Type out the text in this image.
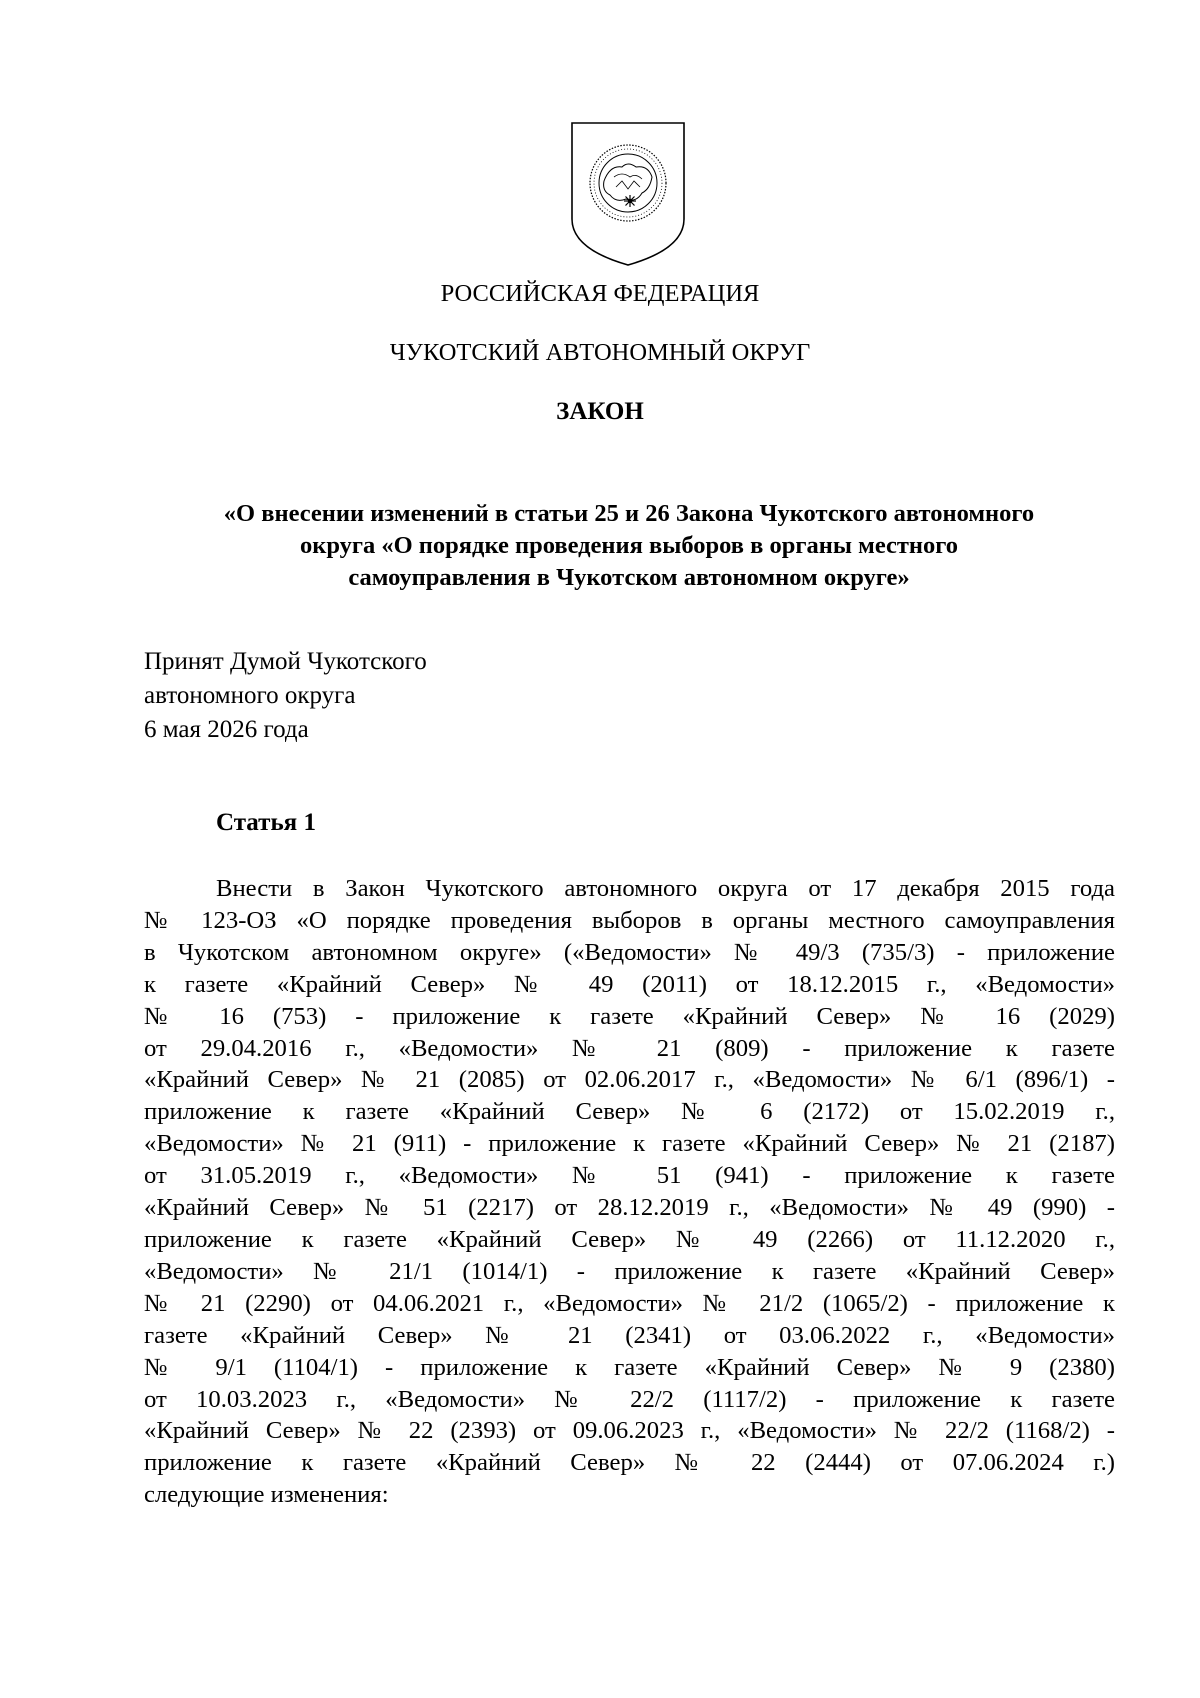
РОССИЙСКАЯ ФЕДЕРАЦИЯ
ЧУКОТСКИЙ АВТОНОМНЫЙ ОКРУГ
ЗАКОН
«О внесении изменений в статьи 25 и 26 Закона Чукотского автономного
округа «О порядке проведения выборов в органы местного
самоуправления в Чукотском автономном округе»
Принят Думой Чукотского
автономного округа
6 мая 2026 года
Статья 1
Внести в Закон Чукотского автономного округа от 17 декабря 2015 года
№ 123-ОЗ «О порядке проведения выборов в органы местного самоуправления
в Чукотском автономном округе» («Ведомости» № 49/3 (735/3) - приложение
к газете «Крайний Север» № 49 (2011) от 18.12.2015 г., «Ведомости»
№ 16 (753) - приложение к газете «Крайний Север» № 16 (2029)
от 29.04.2016 г., «Ведомости» № 21 (809) - приложение к газете
«Крайний Север» № 21 (2085) от 02.06.2017 г., «Ведомости» № 6/1 (896/1) -
приложение к газете «Крайний Север» № 6 (2172) от 15.02.2019 г.,
«Ведомости» № 21 (911) - приложение к газете «Крайний Север» № 21 (2187)
от 31.05.2019 г., «Ведомости» № 51 (941) - приложение к газете
«Крайний Север» № 51 (2217) от 28.12.2019 г., «Ведомости» № 49 (990) -
приложение к газете «Крайний Север» № 49 (2266) от 11.12.2020 г.,
«Ведомости» № 21/1 (1014/1) - приложение к газете «Крайний Север»
№ 21 (2290) от 04.06.2021 г., «Ведомости» № 21/2 (1065/2) - приложение к
газете «Крайний Север» № 21 (2341) от 03.06.2022 г., «Ведомости»
№ 9/1 (1104/1) - приложение к газете «Крайний Север» № 9 (2380)
от 10.03.2023 г., «Ведомости» № 22/2 (1117/2) - приложение к газете
«Крайний Север» № 22 (2393) от 09.06.2023 г., «Ведомости» № 22/2 (1168/2) -
приложение к газете «Крайний Север» № 22 (2444) от 07.06.2024 г.)
следующие изменения:
